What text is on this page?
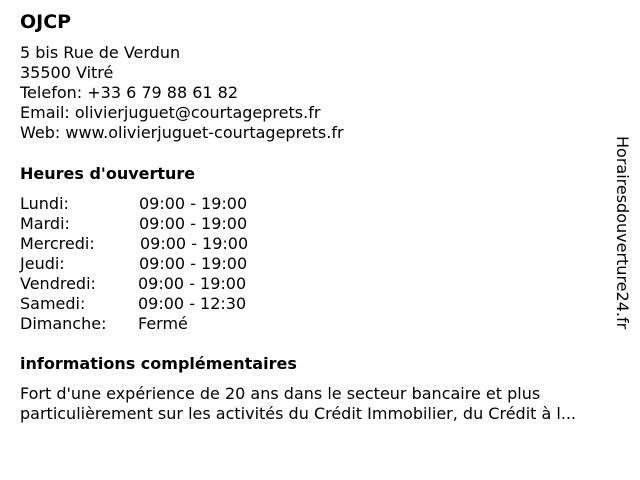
OJCP
5 bis Rue de Verdun
35500 Vitré
Telefon: +33 6 79 88 61 82
Email: olivierjuguet@courtageprets.fr
Web: www.olivierjuguet-courtageprets.fr
Heures d'ouverture
Lundi:	09:00 - 19:00
Mardi:	09:00 - 19:00
Mercredi:	09:00 - 19:00
Jeudi:	09:00 - 19:00
Vendredi:	09:00 - 19:00
Samedi:	09:00 - 12:30
Dimanche: Fermé
informations complémentaires
Fort d'une expérience de 20 ans dans le secteur bancaire et plus
particulièrement sur les activités du Crédit Immobilier, du Crédit à l...
Horairesdouverture24.fr
